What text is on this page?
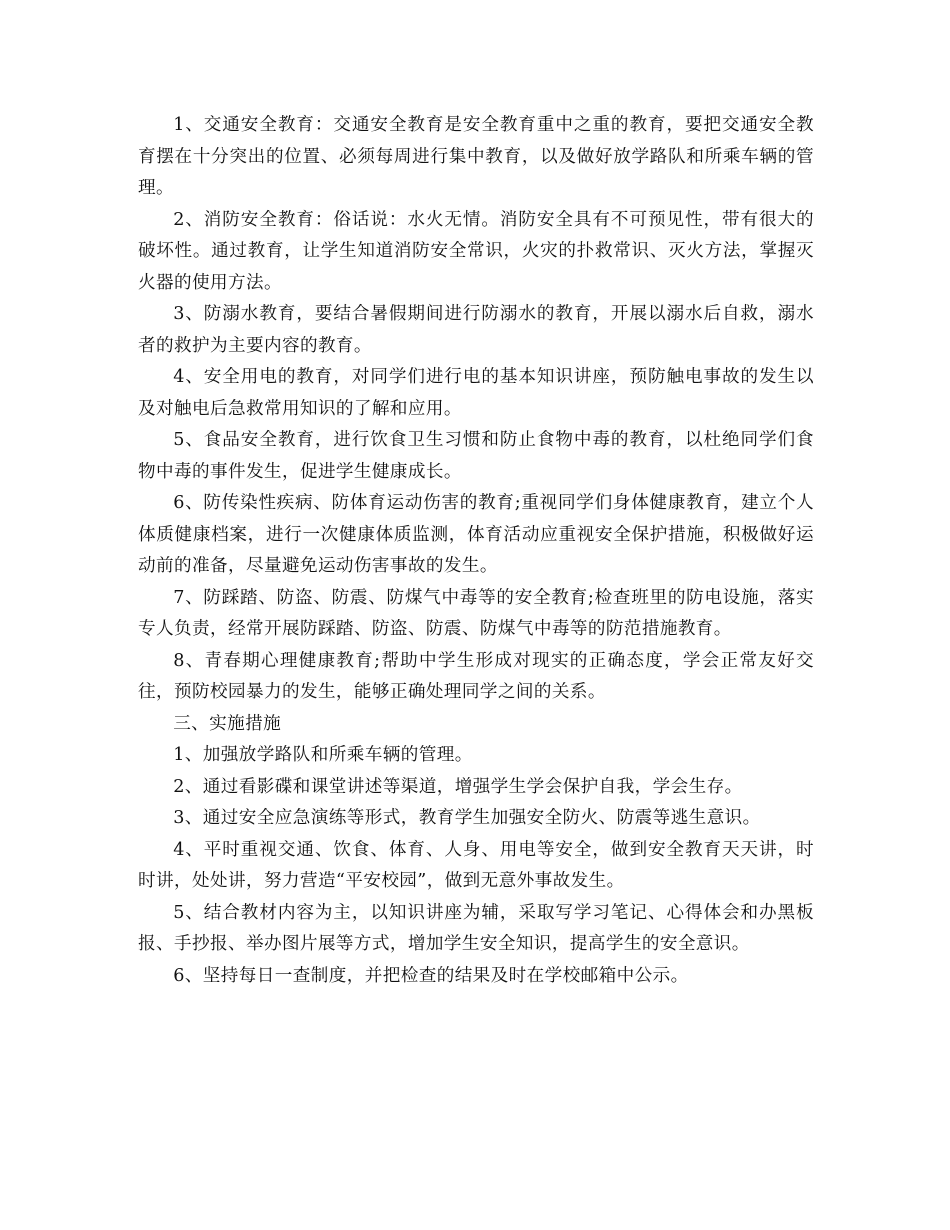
1、交通安全教育：交通安全教育是安全教育重中之重的教育，要把交通安全教育摆在十分突出的位置、必须每周进行集中教育，以及做好放学路队和所乘车辆的管理。

2、消防安全教育：俗话说：水火无情。消防安全具有不可预见性，带有很大的破坏性。通过教育，让学生知道消防安全常识，火灾的扑救常识、灭火方法，掌握灭火器的使用方法。

3、防溺水教育，要结合暑假期间进行防溺水的教育，开展以溺水后自救，溺水者的救护为主要内容的教育。

4、安全用电的教育，对同学们进行电的基本知识讲座，预防触电事故的发生以及对触电后急救常用知识的了解和应用。

5、食品安全教育，进行饮食卫生习惯和防止食物中毒的教育，以杜绝同学们食物中毒的事件发生，促进学生健康成长。

6、防传染性疾病、防体育运动伤害的教育;重视同学们身体健康教育，建立个人体质健康档案，进行一次健康体质监测，体育活动应重视安全保护措施，积极做好运动前的准备，尽量避免运动伤害事故的发生。

7、防踩踏、防盗、防震、防煤气中毒等的安全教育;检查班里的防电设施，落实专人负责，经常开展防踩踏、防盗、防震、防煤气中毒等的防范措施教育。

8、青春期心理健康教育;帮助中学生形成对现实的正确态度，学会正常友好交往，预防校园暴力的发生，能够正确处理同学之间的关系。

三、实施措施

1、加强放学路队和所乘车辆的管理。

2、通过看影碟和课堂讲述等渠道，增强学生学会保护自我，学会生存。

3、通过安全应急演练等形式，教育学生加强安全防火、防震等逃生意识。

4、平时重视交通、饮食、体育、人身、用电等安全，做到安全教育天天讲，时时讲，处处讲，努力营造“平安校园”，做到无意外事故发生。

5、结合教材内容为主，以知识讲座为辅，采取写学习笔记、心得体会和办黑板报、手抄报、举办图片展等方式，增加学生安全知识，提高学生的安全意识。

6、坚持每日一查制度，并把检查的结果及时在学校邮箱中公示。
